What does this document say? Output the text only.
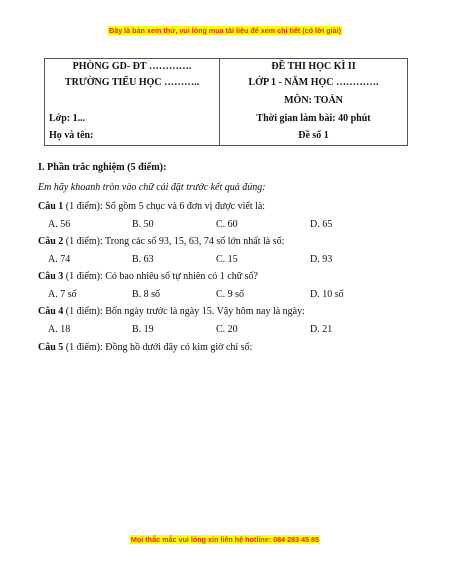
Đây là bản xem thử, vui lòng mua tài liệu để xem chi tiết (có lời giải)
PHÒNG GD- ĐT ………….
TRƯỜNG TIỂU HỌC ………..
Lớp: 1...
Họ và tên:
ĐỀ THI HỌC KÌ II
LỚP 1 - NĂM HỌC ………….
MÔN: TOÁN
Thời gian làm bài: 40 phút
Đề số 1
I. Phần trắc nghiệm (5 điểm):
Em hãy khoanh tròn vào chữ cái đặt trước kết quả đúng:
Câu 1 (1 điểm): Số gồm 5 chục và 6 đơn vị được viết là:
A. 56	B. 50	C. 60	D. 65
Câu 2 (1 điểm): Trong các số 93, 15, 63, 74 số lớn nhất là số:
A. 74	B. 63	C. 15	D. 93
Câu 3 (1 điểm): Có bao nhiêu số tự nhiên có 1 chữ số?
A. 7 số	B. 8 số	C. 9 số	D. 10 số
Câu 4 (1 điểm): Bốn ngày trước là ngày 15. Vậy hôm nay là ngày:
A. 18	B. 19	C. 20	D. 21
Câu 5 (1 điểm): Đồng hồ dưới đây có kim giờ chỉ số:
Mọi thắc mắc vui lòng xin liên hệ hotline: 084 283 45 85
